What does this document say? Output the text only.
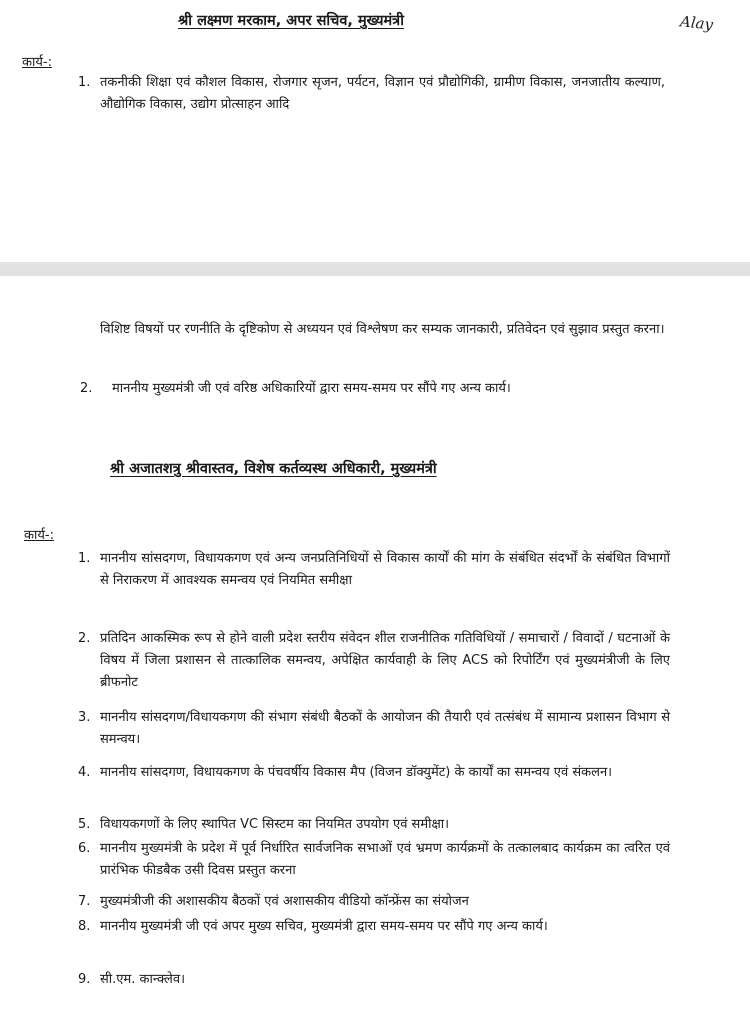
श्री लक्ष्मण मरकाम, अपर सचिव, मुख्यमंत्री	Alay
कार्य-:
1. तकनीकी शिक्षा एवं कौशल विकास, रोजगार सृजन, पर्यटन, विज्ञान एवं प्रौद्योगिकी, ग्रामीण विकास, जनजातीय कल्याण, औद्योगिक विकास, उद्योग प्रोत्साहन आदि
विशिष्ट विषयों पर रणनीति के दृष्टिकोण से अध्ययन एवं विश्लेषण कर सम्यक जानकारी, प्रतिवेदन एवं सुझाव प्रस्तुत करना।
2. माननीय मुख्यमंत्री जी एवं वरिष्ठ अधिकारियों द्वारा समय-समय पर सौंपे गए अन्य कार्य।
श्री अजातशत्रु श्रीवास्तव, विशेष कर्तव्यस्थ अधिकारी, मुख्यमंत्री
कार्य-:
1. माननीय सांसदगण, विधायकगण एवं अन्य जनप्रतिनिधियों से विकास कार्यों की मांग के संबंधित संदर्भों के संबंधित विभागों से निराकरण में आवश्यक समन्वय एवं नियमित समीक्षा
2. प्रतिदिन आकस्मिक रूप से होने वाली प्रदेश स्तरीय संवेदन शील राजनीतिक गतिविधियों / समाचारों / विवादों / घटनाओं के विषय में जिला प्रशासन से तात्कालिक समन्वय, अपेक्षित कार्यवाही के लिए ACS को रिपोर्टिंग एवं मुख्यमंत्रीजी के लिए ब्रीफनोट
3. माननीय सांसदगण/विधायकगण की संभाग संबंधी बैठकों के आयोजन की तैयारी एवं तत्संबंध में सामान्य प्रशासन विभाग से समन्वय।
4. माननीय सांसदगण, विधायकगण के पंचवर्षीय विकास मैप (विजन डॉक्युमेंट) के कार्यों का समन्वय एवं संकलन।
5. विधायकगणों के लिए स्थापित VC सिस्टम का नियमित उपयोग एवं समीक्षा।
6. माननीय मुख्यमंत्री के प्रदेश में पूर्व निर्धारित सार्वजनिक सभाओं एवं भ्रमण कार्यक्रमों के तत्कालबाद कार्यक्रम का त्वरित एवं प्रारंभिक फीडबैक उसी दिवस प्रस्तुत करना
7. मुख्यमंत्रीजी की अशासकीय बैठकों एवं अशासकीय वीडियो कॉन्फ्रेंस का संयोजन
8. माननीय मुख्यमंत्री जी एवं अपर मुख्य सचिव, मुख्यमंत्री द्वारा समय-समय पर सौंपे गए अन्य कार्य।
9. सी.एम. कान्क्लेव।
